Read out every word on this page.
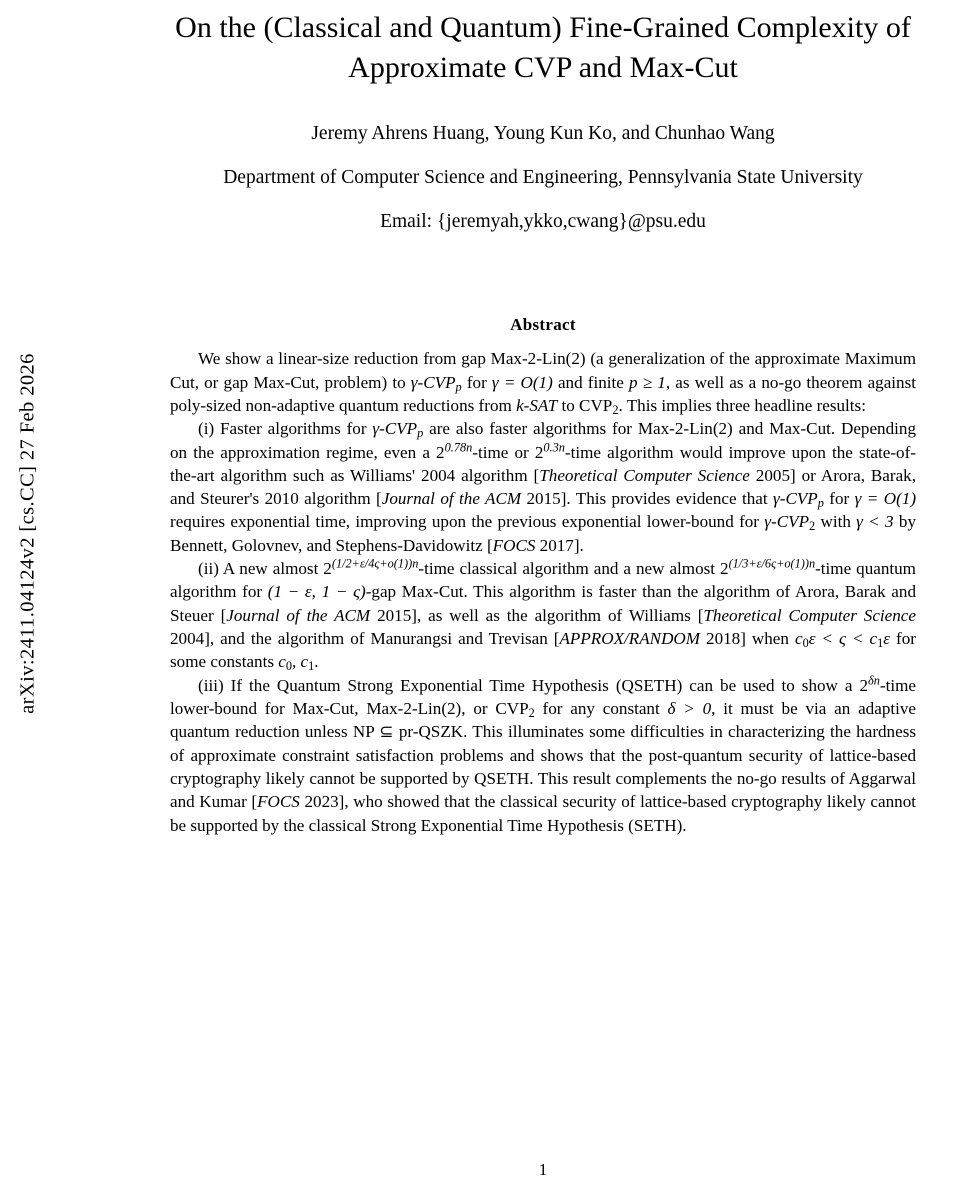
arXiv:2411.04124v2 [cs.CC] 27 Feb 2026
On the (Classical and Quantum) Fine-Grained Complexity of Approximate CVP and Max-Cut
Jeremy Ahrens Huang, Young Kun Ko, and Chunhao Wang
Department of Computer Science and Engineering, Pennsylvania State University
Email: {jeremyah,ykko,cwang}@psu.edu
Abstract

We show a linear-size reduction from gap Max-2-Lin(2) (a generalization of the approximate Maximum Cut, or gap Max-Cut, problem) to $\gamma-CVP_p$ for γ = O(1) and finite p ≥ 1, as well as a no-go theorem against poly-sized non-adaptive quantum reductions from k-SAT to $CVP_2$. This implies three headline results:

(i) Faster algorithms for $\gamma-CVP_p$ are also faster algorithms for Max-2-Lin(2) and Max-Cut. Depending on the approximation regime, even a $2^{0.78n}$-time or $2^{0.3n}$-time algorithm would improve upon the state-of-the-art algorithm such as Williams' 2004 algorithm [Theoretical Computer Science 2005] or Arora, Barak, and Steurer's 2010 algorithm [Journal of the ACM 2015]. This provides evidence that $\gamma-CVP_p$ for γ = O(1) requires exponential time, improving upon the previous exponential lower-bound for $\gamma-CVP_2$ with γ < 3 by Bennett, Golovnev, and Stephens-Davidowitz [FOCS 2017].

(ii) A new almost $2^{(1/2+\varepsilon/4\varsigma+o(1))n}$-time classical algorithm and a new almost $2^{(1/3+\varepsilon/6\varsigma+o(1))n}$-time quantum algorithm for (1 − ε, 1 − ς)-gap Max-Cut. This algorithm is faster than the algorithm of Arora, Barak and Steuer [Journal of the ACM 2015], as well as the algorithm of Williams [Theoretical Computer Science 2004], and the algorithm of Manurangsi and Trevisan [APPROX/RANDOM 2018] when $c_0\varepsilon < \varsigma < c_1\varepsilon$ for some constants $c_0$, $c_1$.

(iii) If the Quantum Strong Exponential Time Hypothesis (QSETH) can be used to show a $2^{\delta n}$-time lower-bound for Max-Cut, Max-2-Lin(2), or $CVP_2$ for any constant δ > 0, it must be via an adaptive quantum reduction unless NP ⊆ pr-QSZK. This illuminates some difficulties in characterizing the hardness of approximate constraint satisfaction problems and shows that the post-quantum security of lattice-based cryptography likely cannot be supported by QSETH. This result complements the no-go results of Aggarwal and Kumar [FOCS 2023], who showed that the classical security of lattice-based cryptography likely cannot be supported by the classical Strong Exponential Time Hypothesis (SETH).

1
